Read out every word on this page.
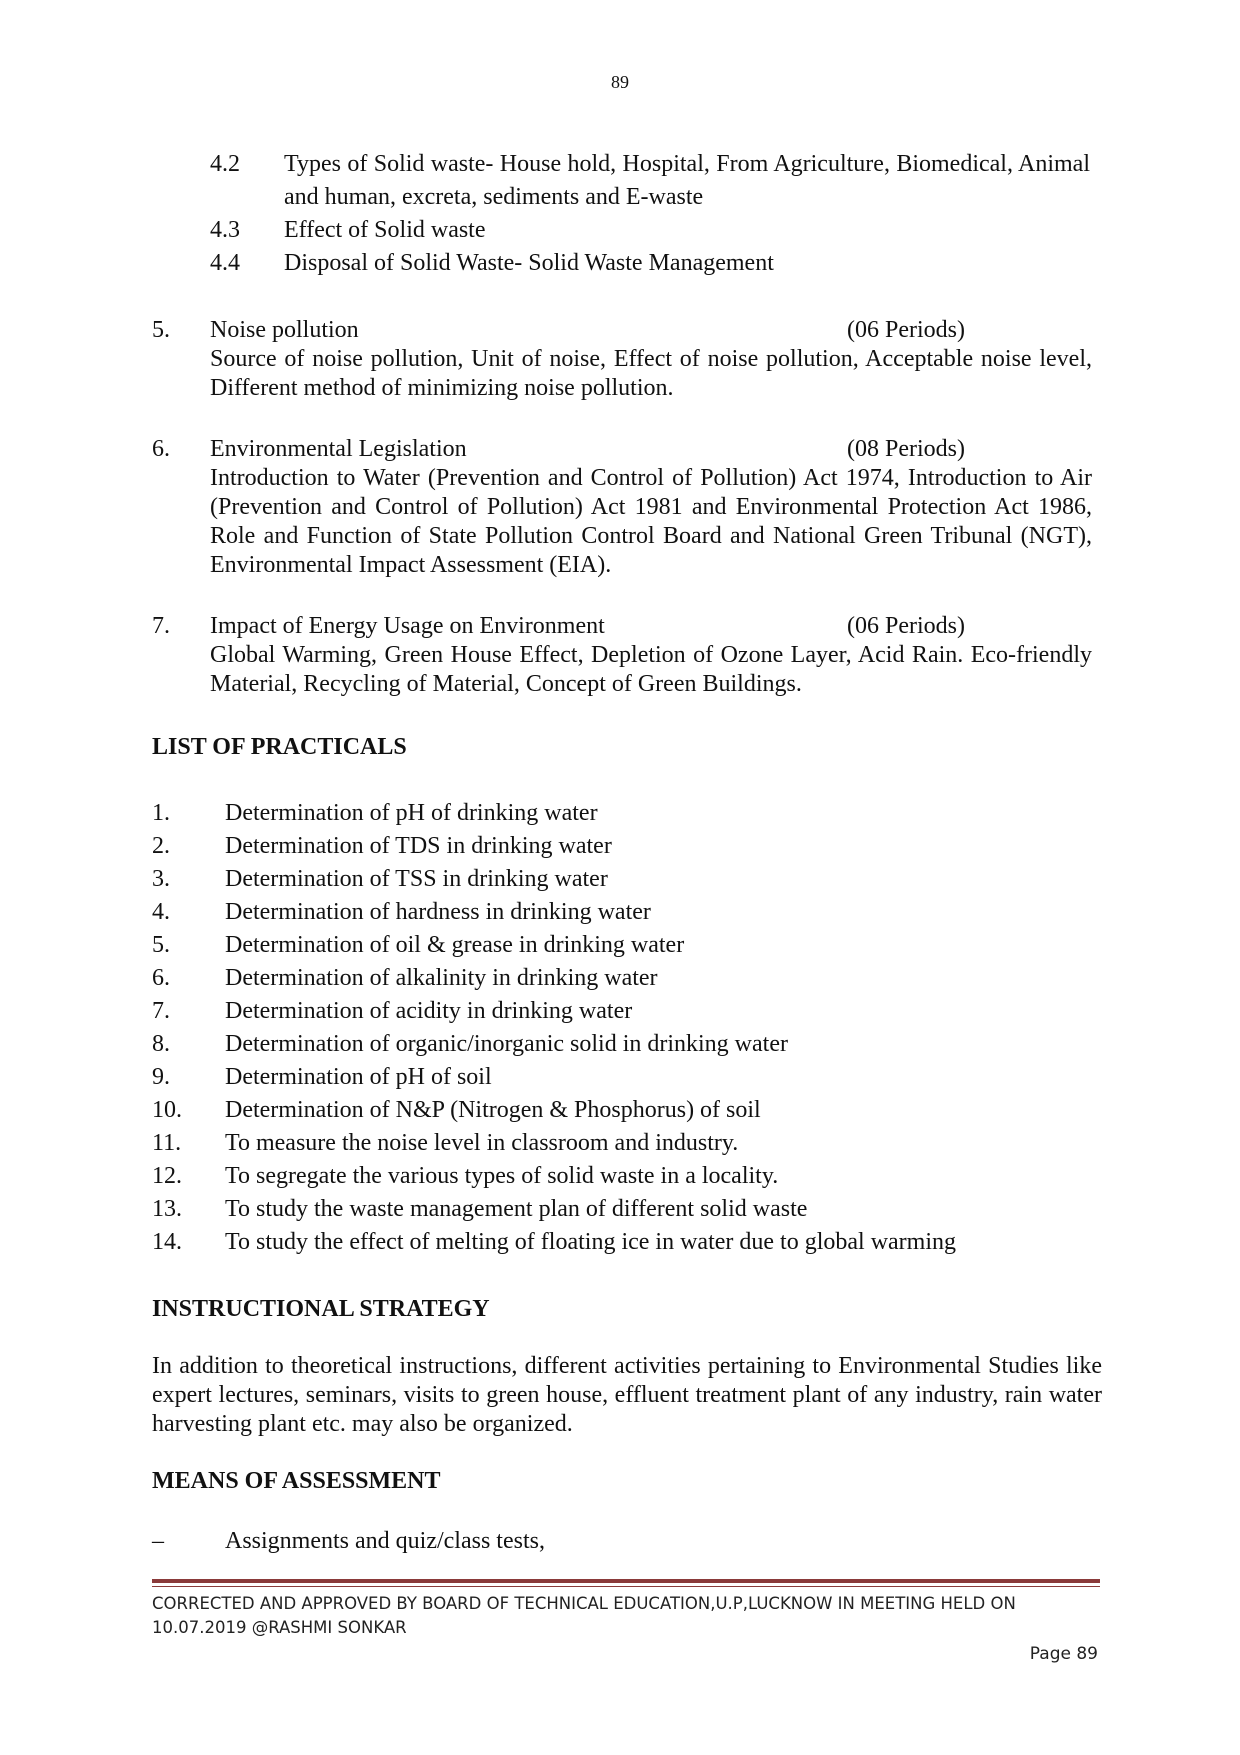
89
4.2 Types of Solid waste- House hold, Hospital, From Agriculture, Biomedical, Animal and human, excreta, sediments and E-waste
4.3 Effect of Solid waste
4.4 Disposal of Solid Waste- Solid Waste Management
5. Noise pollution	(06 Periods)
Source of noise pollution, Unit of noise, Effect of noise pollution, Acceptable noise level, Different method of minimizing noise pollution.
6. Environmental Legislation	(08 Periods)
Introduction to Water (Prevention and Control of Pollution) Act 1974, Introduction to Air (Prevention and Control of Pollution) Act 1981 and Environmental Protection Act 1986, Role and Function of State Pollution Control Board and National Green Tribunal (NGT), Environmental Impact Assessment (EIA).
7. Impact of Energy Usage on Environment	(06 Periods)
Global Warming, Green House Effect, Depletion of Ozone Layer, Acid Rain. Eco-friendly Material, Recycling of Material, Concept of Green Buildings.
LIST OF PRACTICALS
1. Determination of pH of drinking water
2. Determination of TDS in drinking water
3. Determination of TSS in drinking water
4. Determination of hardness in drinking water
5. Determination of oil & grease in drinking water
6. Determination of alkalinity in drinking water
7. Determination of acidity in drinking water
8. Determination of organic/inorganic solid in drinking water
9. Determination of pH of soil
10. Determination of N&P (Nitrogen & Phosphorus) of soil
11. To measure the noise level in classroom and industry.
12. To segregate the various types of solid waste in a locality.
13. To study the waste management plan of different solid waste
14. To study the effect of melting of floating ice in water due to global warming
INSTRUCTIONAL STRATEGY
In addition to theoretical instructions, different activities pertaining to Environmental Studies like expert lectures, seminars, visits to green house, effluent treatment plant of any industry, rain water harvesting plant etc. may also be organized.
MEANS OF ASSESSMENT
–	Assignments and quiz/class tests,
CORRECTED AND APPROVED BY BOARD OF TECHNICAL EDUCATION,U.P,LUCKNOW IN MEETING HELD ON 10.07.2019 @RASHMI SONKAR
Page 89
